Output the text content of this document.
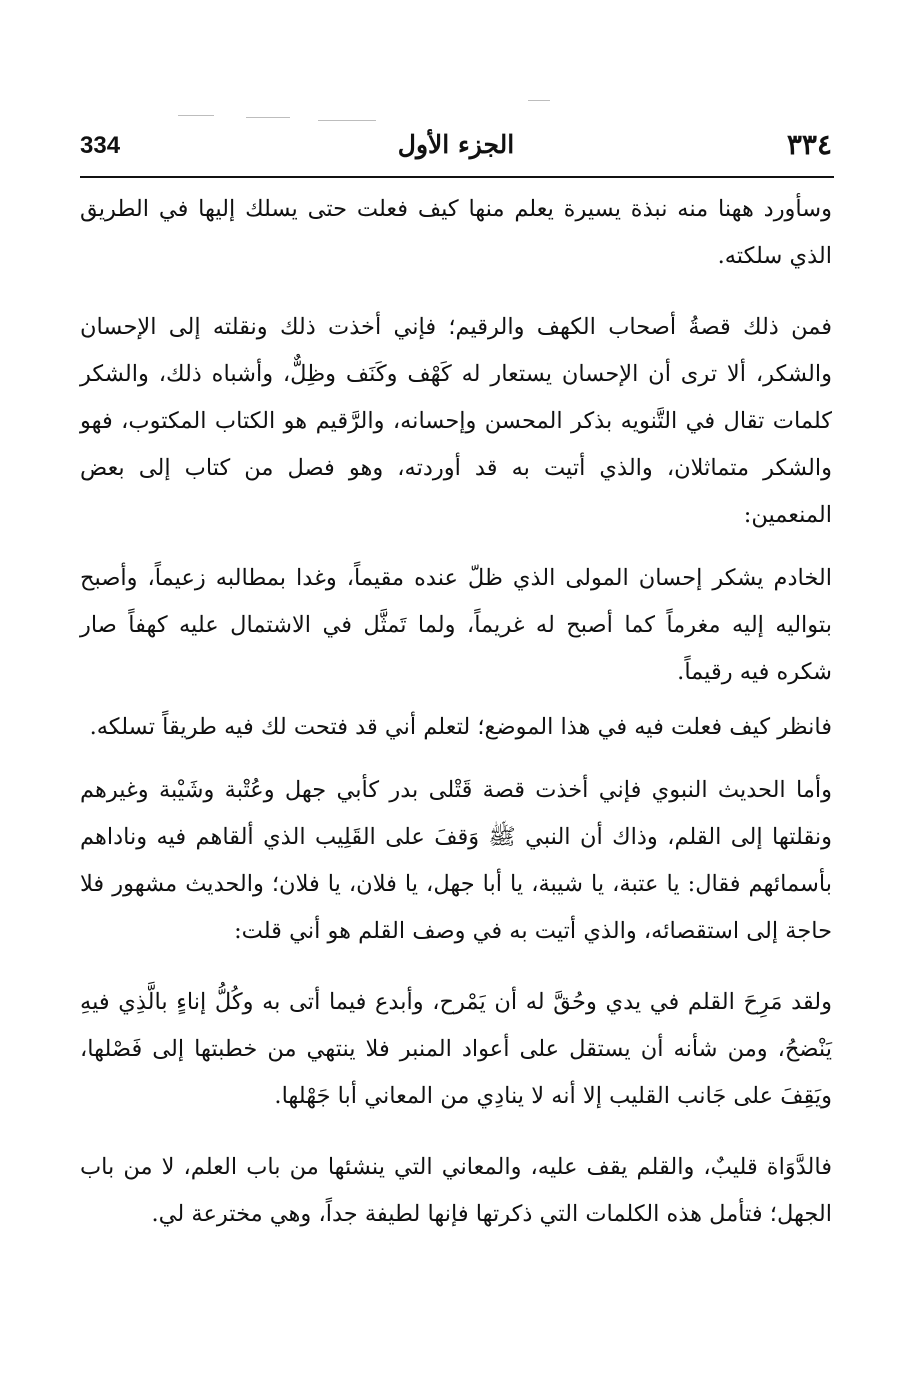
334	الجزء الأول	٣٣٤

وسأورد ههنا منه نبذة يسيرة يعلم منها كيف فعلت حتى يسلك إليها في الطريق الذي سلكته.

فمن ذلك قصةُ أصحاب الكهف والرقيم؛ فإني أخذت ذلك ونقلته إلى الإحسان والشكر، ألا ترى أن الإحسان يستعار له كَهْف وكَنَف وظِلٌّ، وأشباه ذلك، والشكر كلمات تقال في التَّنويه بذكر المحسن وإحسانه، والرَّقيم هو الكتاب المكتوب، فهو والشكر متماثلان، والذي أتيت به قد أوردته، وهو فصل من كتاب إلى بعض المنعمين:

الخادم يشكر إحسان المولى الذي ظلّ عنده مقيماً، وغدا بمطالبه زعيماً، وأصبح بتواليه إليه مغرماً كما أصبح له غريماً، ولما تَمثَّل في الاشتمال عليه كهفاً صار شكره فيه رقيماً.

فانظر كيف فعلت فيه في هذا الموضع؛ لتعلم أني قد فتحت لك فيه طريقاً تسلكه.

وأما الحديث النبوي فإني أخذت قصة قَتْلى بدر كأبي جهل وعُتْبة وشَيْبة وغيرهم ونقلتها إلى القلم، وذاك أن النبي ﷺ وَقفَ على القَلِيب الذي ألقاهم فيه وناداهم بأسمائهم فقال: يا عتبة، يا شيبة، يا أبا جهل، يا فلان، يا فلان؛ والحديث مشهور فلا حاجة إلى استقصائه، والذي أتيت به في وصف القلم هو أني قلت:

ولقد مَرِحَ القلم في يدي وحُقَّ له أن يَمْرح، وأبدع فيما أتى به وكُلُّ إناءٍ بالَّذِي فيهِ يَنْضحُ، ومن شأنه أن يستقل على أعواد المنبر فلا ينتهي من خطبتها إلى فَصْلها، ويَقِفَ على جَانب القليب إلا أنه لا ينادِي من المعاني أبا جَهْلها.

فالدَّوَاة قليبٌ، والقلم يقف عليه، والمعاني التي ينشئها من باب العلم، لا من باب الجهل؛ فتأمل هذه الكلمات التي ذكرتها فإنها لطيفة جداً، وهي مخترعة لي.
